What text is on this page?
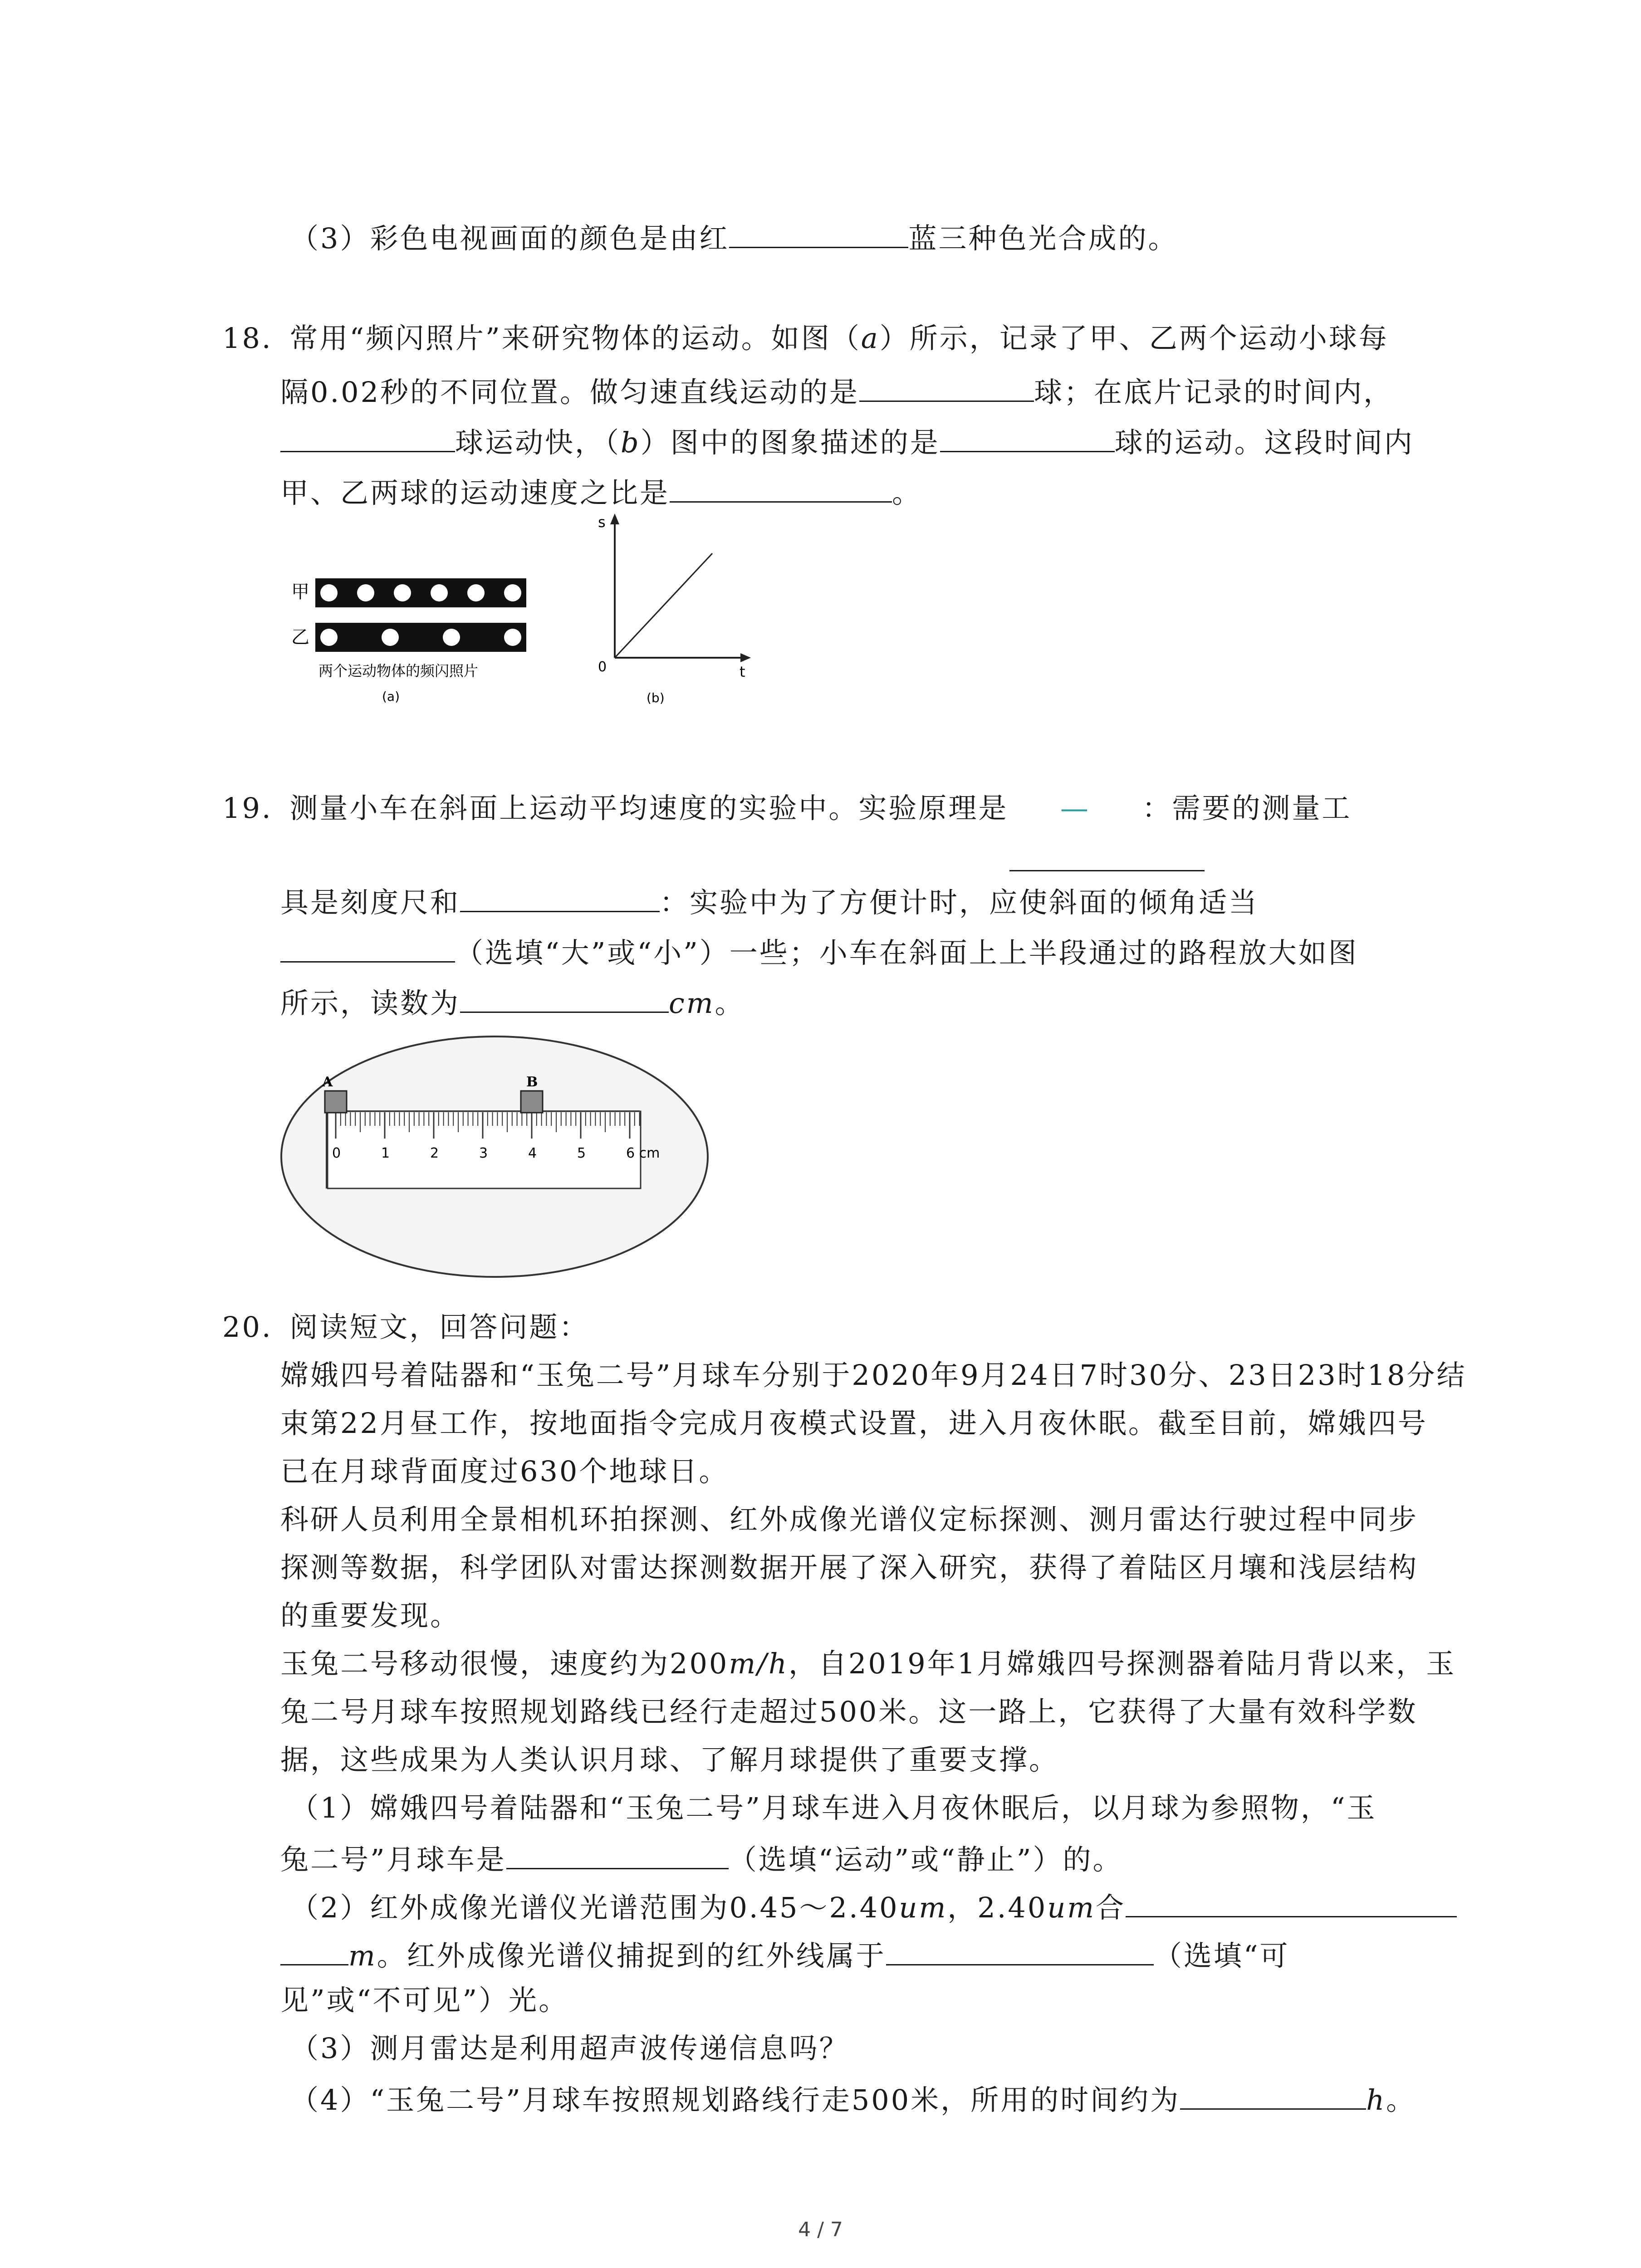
（3）彩色电视画面的颜色是由红	蓝三种色光合成的。
18. 常用“频闪照片”来研究物体的运动。如图（a）所示，记录了甲、乙两个运动小球每
隔0.02秒的不同位置。做匀速直线运动的是	球；在底片记录的时间内，
球运动快，（b）图中的图象描述的是	球的运动。这段时间内
甲、乙两球的运动速度之比是	。
甲
乙
两个运动物体的频闪照片
(a)
s
0	t
(b)
19. 测量小车在斜面上运动平均速度的实验中。实验原理是 — ：需要的测量工
具是刻度尺和	：实验中为了方便计时，应使斜面的倾角适当
（选填“大”或“小”）一些；小车在斜面上上半段通过的路程放大如图
所示，读数为	cm。
0	1	2	3	4	5	6 cm
A	B
20. 阅读短文，回答问题：
嫦娥四号着陆器和“玉兔二号”月球车分别于2020年9月24日7时30分、23日23时18分结
束第22月昼工作，按地面指令完成月夜模式设置，进入月夜休眠。截至目前，嫦娥四号
已在月球背面度过630个地球日。
科研人员利用全景相机环拍探测、红外成像光谱仪定标探测、测月雷达行驶过程中同步
探测等数据，科学团队对雷达探测数据开展了深入研究，获得了着陆区月壤和浅层结构
的重要发现。
玉兔二号移动很慢，速度约为200m/h，自2019年1月嫦娥四号探测器着陆月背以来，玉
兔二号月球车按照规划路线已经行走超过500米。这一路上，它获得了大量有效科学数
据，这些成果为人类认识月球、了解月球提供了重要支撑。
（1）嫦娥四号着陆器和“玉兔二号”月球车进入月夜休眠后，以月球为参照物，“玉
兔二号”月球车是	（选填“运动”或“静止”）的。
（2）红外成像光谱仪光谱范围为0.45～2.40um，2.40um合
m。红外成像光谱仪捕捉到的红外线属于	（选填“可
见”或“不可见”）光。
（3）测月雷达是利用超声波传递信息吗？
（4）“玉兔二号”月球车按照规划路线行走500米，所用的时间约为	h。
4 / 7
